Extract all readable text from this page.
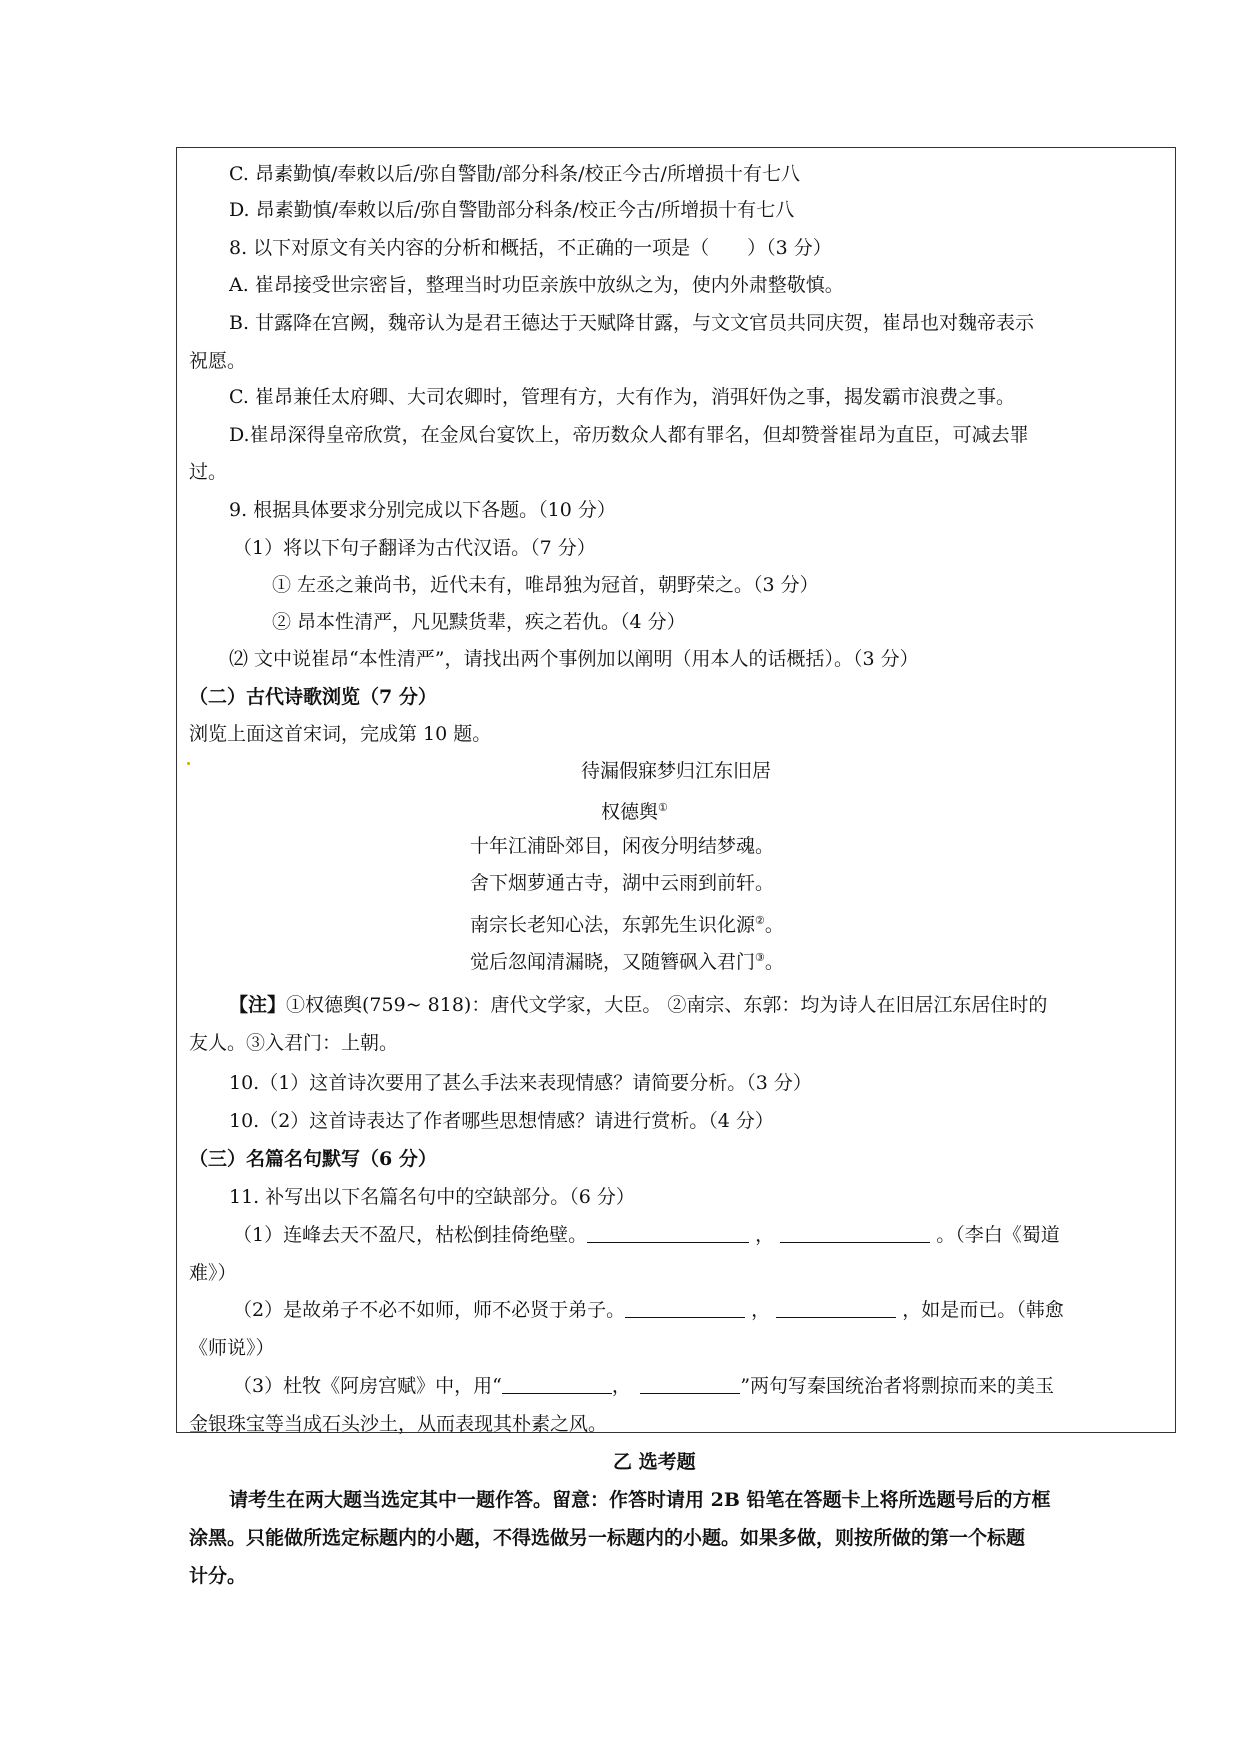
C. 昂素勤慎/奉敕以后/弥自警勖/部分科条/校正今古/所增损十有七八
D. 昂素勤慎/奉敕以后/弥自警勖部分科条/校正今古/所增损十有七八
8. 以下对原文有关内容的分析和概括，不正确的一项是（　　）（3 分）
A. 崔昂接受世宗密旨，整理当时功臣亲族中放纵之为，使内外肃整敬慎。
B. 甘露降在宫阙，魏帝认为是君王德达于天赋降甘露，与文文官员共同庆贺，崔昂也对魏帝表示
祝愿。
C. 崔昂兼任太府卿、大司农卿时，管理有方，大有作为，消弭奸伪之事，揭发霸市浪费之事。
D.崔昂深得皇帝欣赏，在金凤台宴饮上，帝历数众人都有罪名，但却赞誉崔昂为直臣，可减去罪
过。
9. 根据具体要求分别完成以下各题。（10 分）
（1）将以下句子翻译为古代汉语。（7 分）
① 左丞之兼尚书，近代未有，唯昂独为冠首，朝野荣之。（3 分）
② 昂本性清严，凡见黩货辈，疾之若仇。（4 分）
⑵ 文中说崔昂“本性清严”，请找出两个事例加以阐明（用本人的话概括）。（3 分）
（二）古代诗歌浏览（7 分）
浏览上面这首宋词，完成第 10 题。
待漏假寐梦归江东旧居
权德舆①
十年江浦卧郊目，闲夜分明结梦魂。
舍下烟萝通古寺，湖中云雨到前轩。
南宗长老知心法，东郭先生识化源②。
觉后忽闻清漏晓，又随簪砜入君门③。
【注】①权德舆(759~ 818)：唐代文学家，大臣。 ②南宗、东郭：均为诗人在旧居江东居住时的
友人。③入君门：上朝。
10.（1）这首诗次要用了甚么手法来表现情感？请简要分析。（3 分）
10.（2）这首诗表达了作者哪些思想情感？请进行赏析。（4 分）
（三）名篇名句默写（6 分）
11. 补写出以下名篇名句中的空缺部分。（6 分）
（1）连峰去天不盈尺，枯松倒挂倚绝壁。	，	。（李白《蜀道
难》）
（2）是故弟子不必不如师，师不必贤于弟子。	，	，如是而已。（韩愈
《师说》）
（3）杜牧《阿房宫赋》中，用“	，　	”两句写秦国统治者将剽掠而来的美玉
金银珠宝等当成石头沙土，从而表现其朴素之风。
乙 选考题
请考生在两大题当选定其中一题作答。留意：作答时请用 2B 铅笔在答题卡上将所选题号后的方框
涂黑。只能做所选定标题内的小题，不得选做另一标题内的小题。如果多做，则按所做的第一个标题
计分。
